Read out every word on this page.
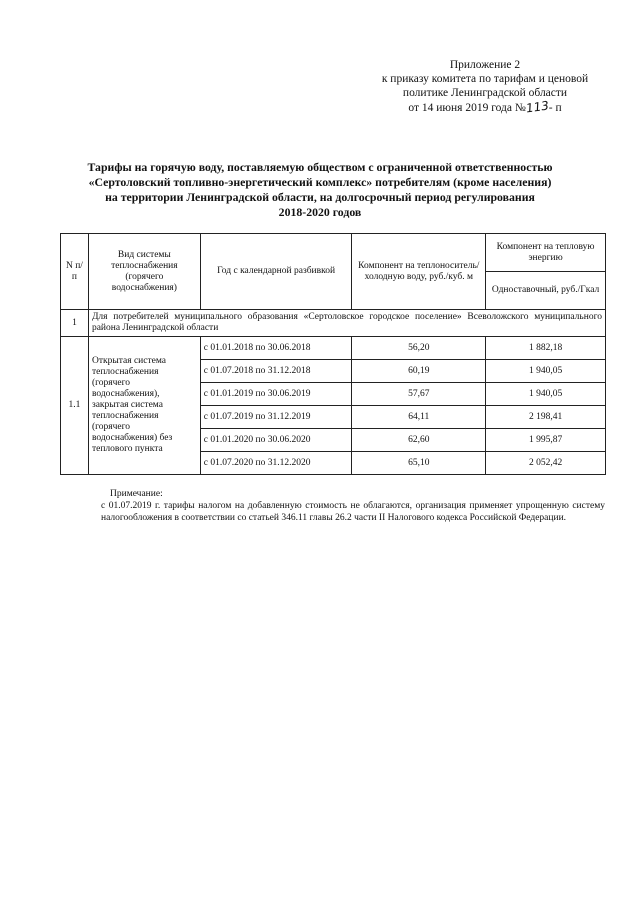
Приложение 2
к приказу комитета по тарифам и ценовой
политике Ленинградской области
от 14 июня 2019 года №113- п
Тарифы на горячую воду, поставляемую обществом с ограниченной ответственностью
«Сертоловский топливно-энергетический комплекс» потребителям (кроме населения)
на территории Ленинградской области, на долгосрочный период регулирования
2018-2020 годов
N п/п	Вид системы теплоснабжения (горячего водоснабжения)	Год с календарной разбивкой	Компонент на теплоноситель/холодную воду, руб./куб. м	Компонент на тепловую энергию
				Одноставочный, руб./Гкал
1	Для потребителей муниципального образования «Сертоловское городское поселение» Всеволожского муниципального района Ленинградской области			
1.1	Открытая система теплоснабжения (горячего водоснабжения), закрытая система теплоснабжения (горячего водоснабжения) без теплового пункта	с 01.01.2018 по 30.06.2018	56,20	1 882,18
		с 01.07.2018 по 31.12.2018	60,19	1 940,05
		с 01.01.2019 по 30.06.2019	57,67	1 940,05
		с 01.07.2019 по 31.12.2019	64,11	2 198,41
		с 01.01.2020 по 30.06.2020	62,60	1 995,87
		с 01.07.2020 по 31.12.2020	65,10	2 052,42
Примечание:
с 01.07.2019 г. тарифы налогом на добавленную стоимость не облагаются, организация применяет упрощенную систему налогообложения в соответствии со статьей 346.11 главы 26.2 части II Налогового кодекса Российской Федерации.
